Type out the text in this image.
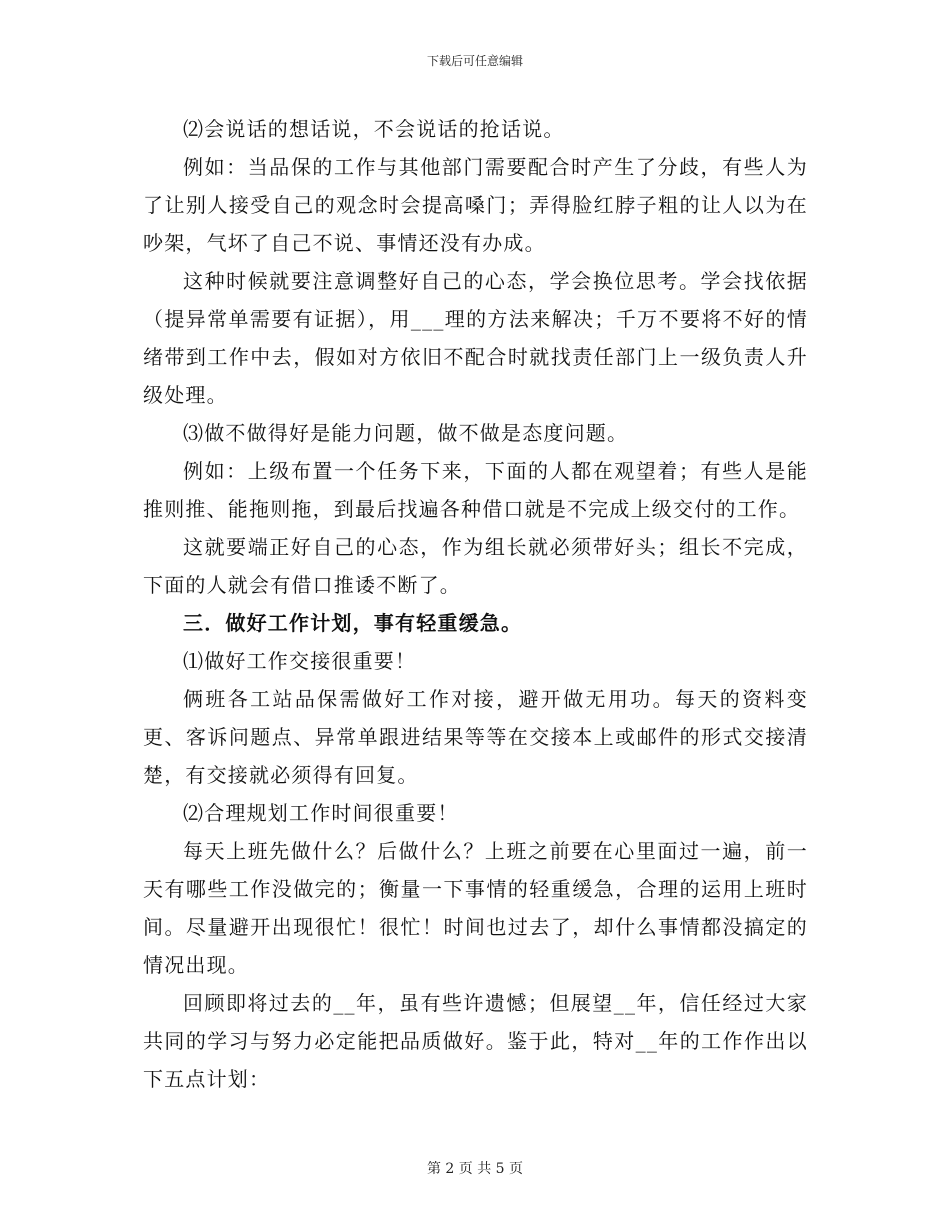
下载后可任意编辑

⑵会说话的想话说，不会说话的抢话说。

例如：当品保的工作与其他部门需要配合时产生了分歧，有些人为了让别人接受自己的观念时会提高嗓门；弄得脸红脖子粗的让人以为在吵架，气坏了自己不说、事情还没有办成。

这种时候就要注意调整好自己的心态，学会换位思考。学会找依据（提异常单需要有证据），用___理的方法来解决；千万不要将不好的情绪带到工作中去，假如对方依旧不配合时就找责任部门上一级负责人升级处理。

⑶做不做得好是能力问题，做不做是态度问题。

例如：上级布置一个任务下来，下面的人都在观望着；有些人是能推则推、能拖则拖，到最后找遍各种借口就是不完成上级交付的工作。

这就要端正好自己的心态，作为组长就必须带好头；组长不完成，下面的人就会有借口推诿不断了。

三．做好工作计划，事有轻重缓急。

⑴做好工作交接很重要！

俩班各工站品保需做好工作对接，避开做无用功。每天的资料变更、客诉问题点、异常单跟进结果等等在交接本上或邮件的形式交接清楚，有交接就必须得有回复。

⑵合理规划工作时间很重要！

每天上班先做什么？后做什么？上班之前要在心里面过一遍，前一天有哪些工作没做完的；衡量一下事情的轻重缓急，合理的运用上班时间。尽量避开出现很忙！很忙！时间也过去了，却什么事情都没搞定的情况出现。

回顾即将过去的__年，虽有些许遗憾；但展望__年，信任经过大家共同的学习与努力必定能把品质做好。鉴于此，特对__年的工作作出以下五点计划：

第 2 页 共 5 页
